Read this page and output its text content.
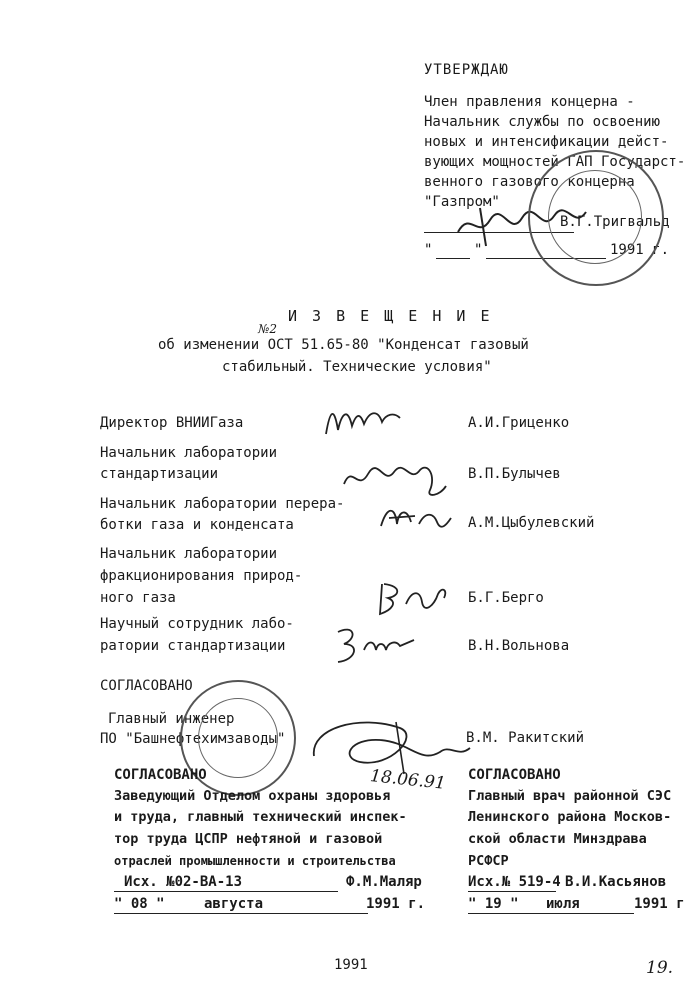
УТВЕРЖДАЮ
Член правления концерна -
Начальник службы по освоению
новых и интенсификации дейст-
вующих мощностей ГАП Государст-
венного газового концерна
"Газпром"
В.Г.Тригвальд
"	"	1991 г.
И З В Е Щ Е Н И Е
№2
об изменении ОСТ 51.65-80 "Конденсат газовый
стабильный. Технические условия"
Директор ВНИИГаза	А.И.Гриценко
Начальник лаборатории
стандартизации	В.П.Булычев
Начальник лаборатории перера-
ботки газа и конденсата	А.М.Цыбулевский
Начальник лаборатории
фракционирования природ-
ного газа	Б.Г.Берго
Научный сотрудник лабо-
ратории стандартизации	В.Н.Вольнова
СОГЛАСОВАНО
Главный инженер
ПО "Башнефтехимзаводы"	В.М. Ракитский
18.06.91
СОГЛАСОВАНО
Заведующий Отделом охраны здоровья
и труда, главный технический инспек-
тор труда ЦСПР нефтяной и газовой
отраслей промышленности и строительства
Исх. №02-ВА-13	Ф.М.Маляр
" 08 "	августа	1991 г.
СОГЛАСОВАНО
Главный врач районной СЭС
Ленинского района Москов-
ской области Минздрава
РСФСР
Исх.№ 519-4 В.И.Касьянов
" 19 " июля	1991 г
1991	19.
